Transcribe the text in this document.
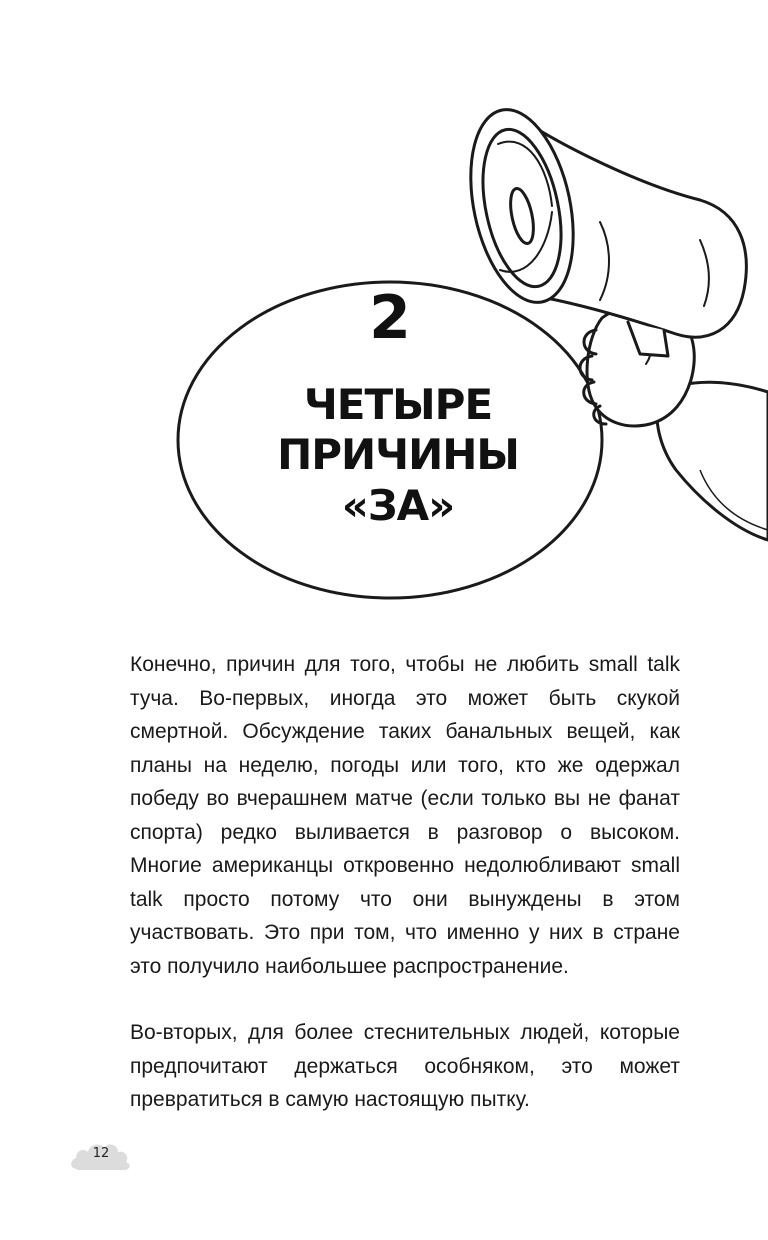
2
ЧЕТЫРЕ
ПРИЧИНЫ
«ЗА»

Конечно, причин для того, чтобы не любить small talk туча. Во-первых, иногда это может быть скукой смертной. Обсуждение таких банальных вещей, как планы на неделю, погоды или того, кто же одержал победу во вчерашнем матче (если только вы не фанат спорта) редко выливается в разговор о высоком. Многие американцы откровенно недолюбливают small talk просто потому что они вынуждены в этом участвовать. Это при том, что именно у них в стране это получило наибольшее распространение.

Во-вторых, для более стеснительных людей, которые предпочитают держаться особняком, это может превратиться в самую настоящую пытку.

12
